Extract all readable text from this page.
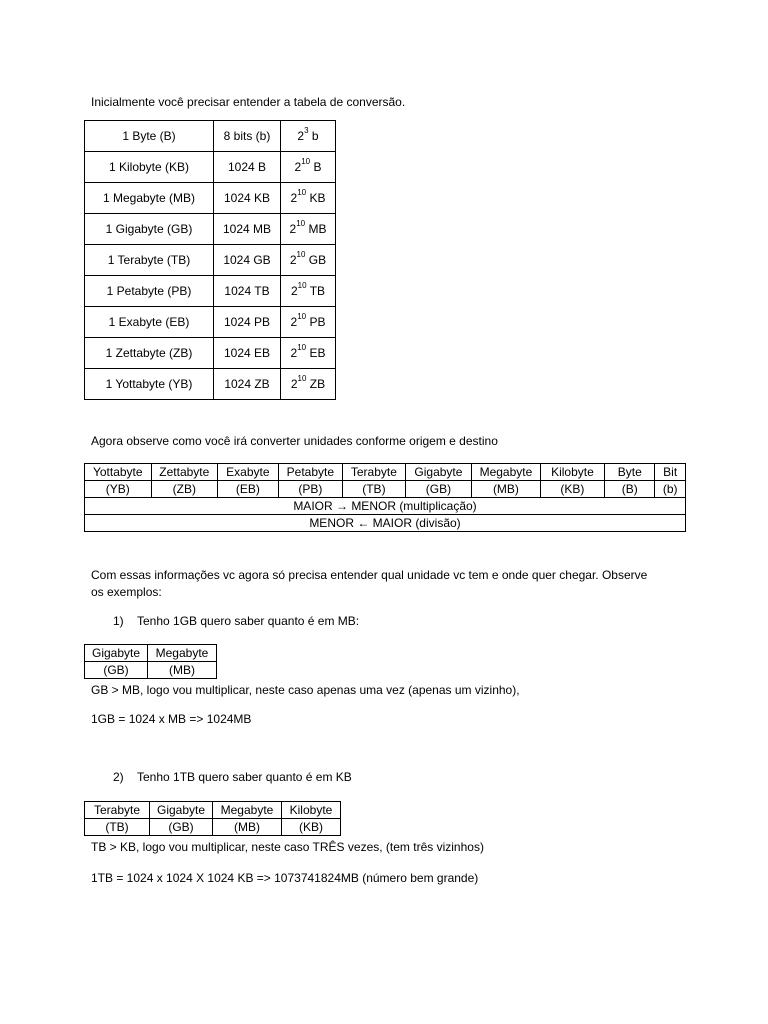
Inicialmente você precisar entender a tabela de conversão.
1 Byte (B)	8 bits (b)	$2^3$ b
1 Kilobyte (KB)	1024 B	$2^{10}$ B
1 Megabyte (MB)	1024 KB	$2^{10}$ KB
1 Gigabyte (GB)	1024 MB	$2^{10}$ MB
1 Terabyte (TB)	1024 GB	$2^{10}$ GB
1 Petabyte (PB)	1024 TB	$2^{10}$ TB
1 Exabyte (EB)	1024 PB	$2^{10}$ PB
1 Zettabyte (ZB)	1024 EB	$2^{10}$ EB
1 Yottabyte (YB)	1024 ZB	$2^{10}$ ZB
Agora observe como você irá converter unidades conforme origem e destino
Yottabyte	Zettabyte	Exabyte	Petabyte	Terabyte	Gigabyte	Megabyte	Kilobyte	Byte	Bit
(YB)	(ZB)	(EB)	(PB)	(TB)	(GB)	(MB)	(KB)	(B)	(b)
MAIOR → MENOR (multiplicação)									
MENOR ← MAIOR (divisão)									
Com essas informações vc agora só precisa entender qual unidade vc tem e onde quer chegar. Observe
os exemplos:
1) Tenho 1GB quero saber quanto é em MB:
Gigabyte	Megabyte
(GB)	(MB)
GB > MB, logo vou multiplicar, neste caso apenas uma vez (apenas um vizinho),
1GB = 1024 x MB => 1024MB
2) Tenho 1TB quero saber quanto é em KB
Terabyte	Gigabyte	Megabyte	Kilobyte
(TB)	(GB)	(MB)	(KB)
TB > KB, logo vou multiplicar, neste caso TRÊS vezes, (tem três vizinhos)
1TB = 1024 x 1024 X 1024 KB => 1073741824MB (número bem grande)
